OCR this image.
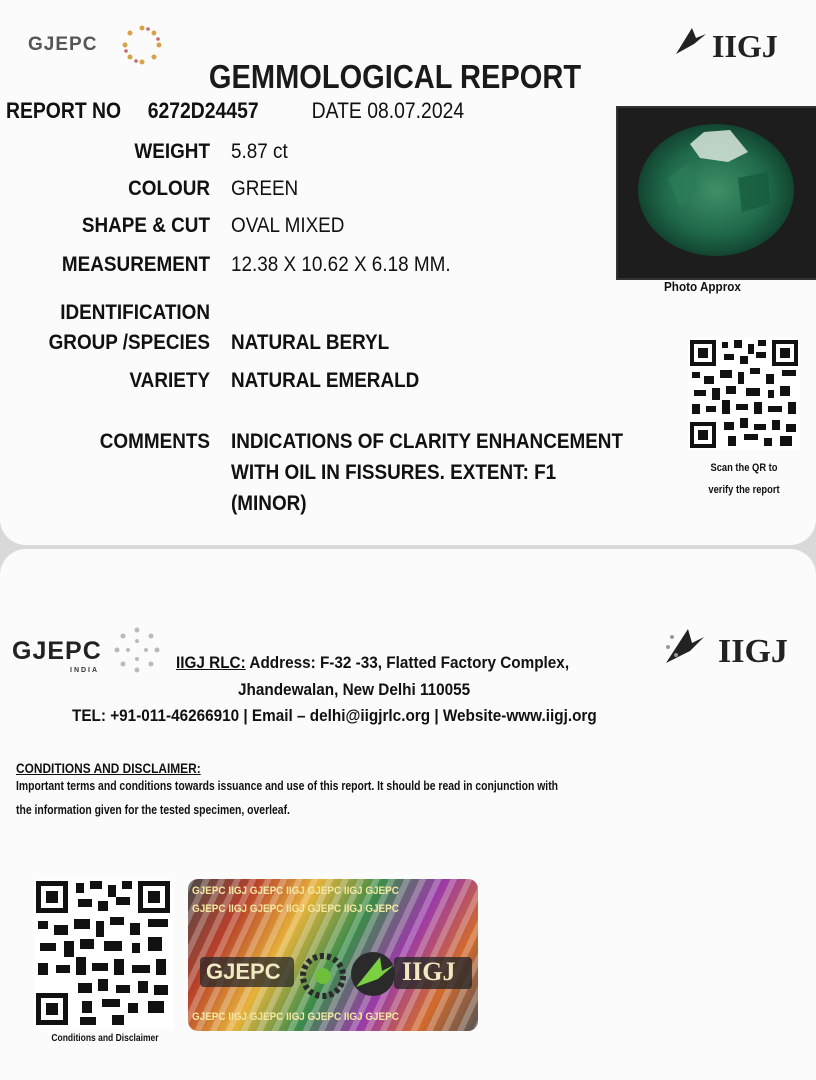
GJEPC	IIGJ
GEMMOLOGICAL REPORT
REPORT NO 6272D24457 DATE 08.07.2024
WEIGHT 5.87 ct
COLOUR GREEN
SHAPE & CUT OVAL MIXED
MEASUREMENT 12.38 X 10.62 X 6.18 MM.
IDENTIFICATION
GROUP /SPECIES NATURAL BERYL
VARIETY NATURAL EMERALD
COMMENTS INDICATIONS OF CLARITY ENHANCEMENT
WITH OIL IN FISSURES. EXTENT: F1
(MINOR)
Photo Approx
Scan the QR to
verify the report
GJEPC
INDIA
IIGJ
IIGJ RLC: Address: F-32 -33, Flatted Factory Complex,
Jhandewalan, New Delhi 110055
TEL: +91-011-46266910 | Email – delhi@iigjrlc.org | Website-www.iigj.org
CONDITIONS AND DISCLAIMER:
Important terms and conditions towards issuance and use of this report. It should be read in conjunction with
the information given for the tested specimen, overleaf.
Conditions and Disclaimer
GJEPC IIGJ GJEPC IIGJ GJEPC IIGJ GJEPC
GJEPC IIGJ GJEPC IIGJ GJEPC IIGJ GJEPC
GJEPC	IIGJ
GJEPC IIGJ GJEPC IIGJ GJEPC IIGJ GJEPC
